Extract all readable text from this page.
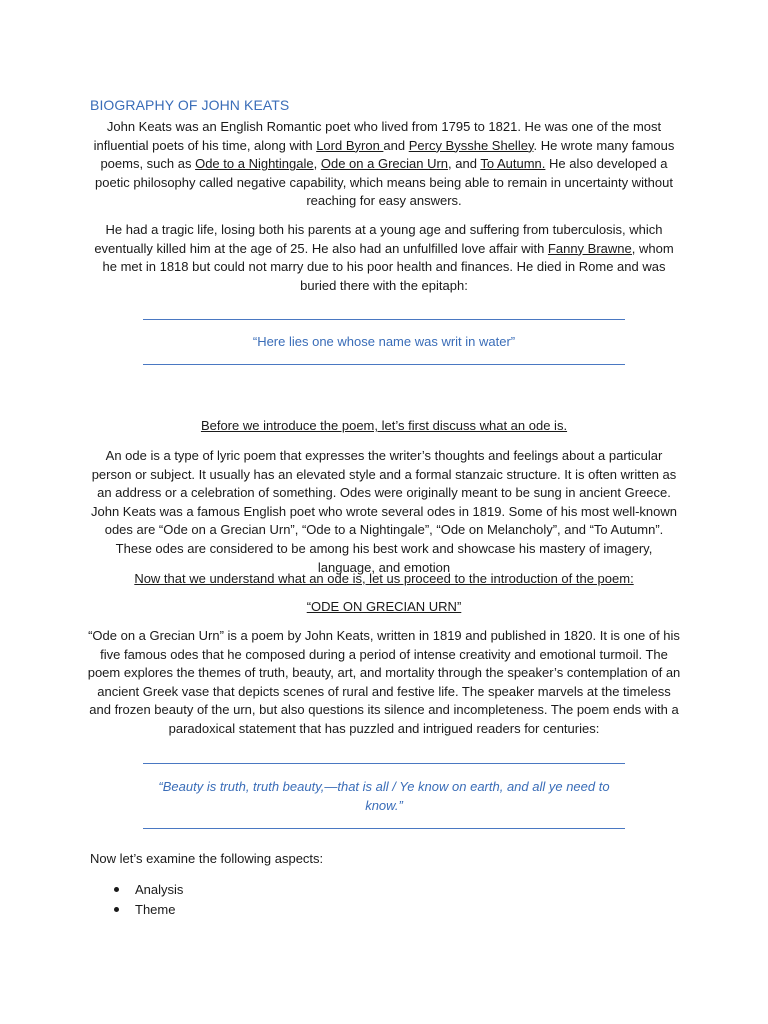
BIOGRAPHY OF JOHN KEATS

John Keats was an English Romantic poet who lived from 1795 to 1821. He was one of the most influential poets of his time, along with Lord Byron and Percy Bysshe Shelley. He wrote many famous poems, such as Ode to a Nightingale, Ode on a Grecian Urn, and To Autumn. He also developed a poetic philosophy called negative capability, which means being able to remain in uncertainty without reaching for easy answers.

He had a tragic life, losing both his parents at a young age and suffering from tuberculosis, which eventually killed him at the age of 25. He also had an unfulfilled love affair with Fanny Brawne, whom he met in 1818 but could not marry due to his poor health and finances. He died in Rome and was buried there with the epitaph:

“Here lies one whose name was writ in water”

Before we introduce the poem, let’s first discuss what an ode is.

An ode is a type of lyric poem that expresses the writer’s thoughts and feelings about a particular person or subject. It usually has an elevated style and a formal stanzaic structure. It is often written as an address or a celebration of something. Odes were originally meant to be sung in ancient Greece. John Keats was a famous English poet who wrote several odes in 1819. Some of his most well-known odes are “Ode on a Grecian Urn”, “Ode to a Nightingale”, “Ode on Melancholy”, and “To Autumn”. These odes are considered to be among his best work and showcase his mastery of imagery, language, and emotion

Now that we understand what an ode is, let us proceed to the introduction of the poem:

“ODE ON GRECIAN URN”

“Ode on a Grecian Urn” is a poem by John Keats, written in 1819 and published in 1820. It is one of his five famous odes that he composed during a period of intense creativity and emotional turmoil. The poem explores the themes of truth, beauty, art, and mortality through the speaker’s contemplation of an ancient Greek vase that depicts scenes of rural and festive life. The speaker marvels at the timeless and frozen beauty of the urn, but also questions its silence and incompleteness. The poem ends with a paradoxical statement that has puzzled and intrigued readers for centuries:

“Beauty is truth, truth beauty,—that is all / Ye know on earth, and all ye need to know.”

Now let’s examine the following aspects:

Analysis
Theme
